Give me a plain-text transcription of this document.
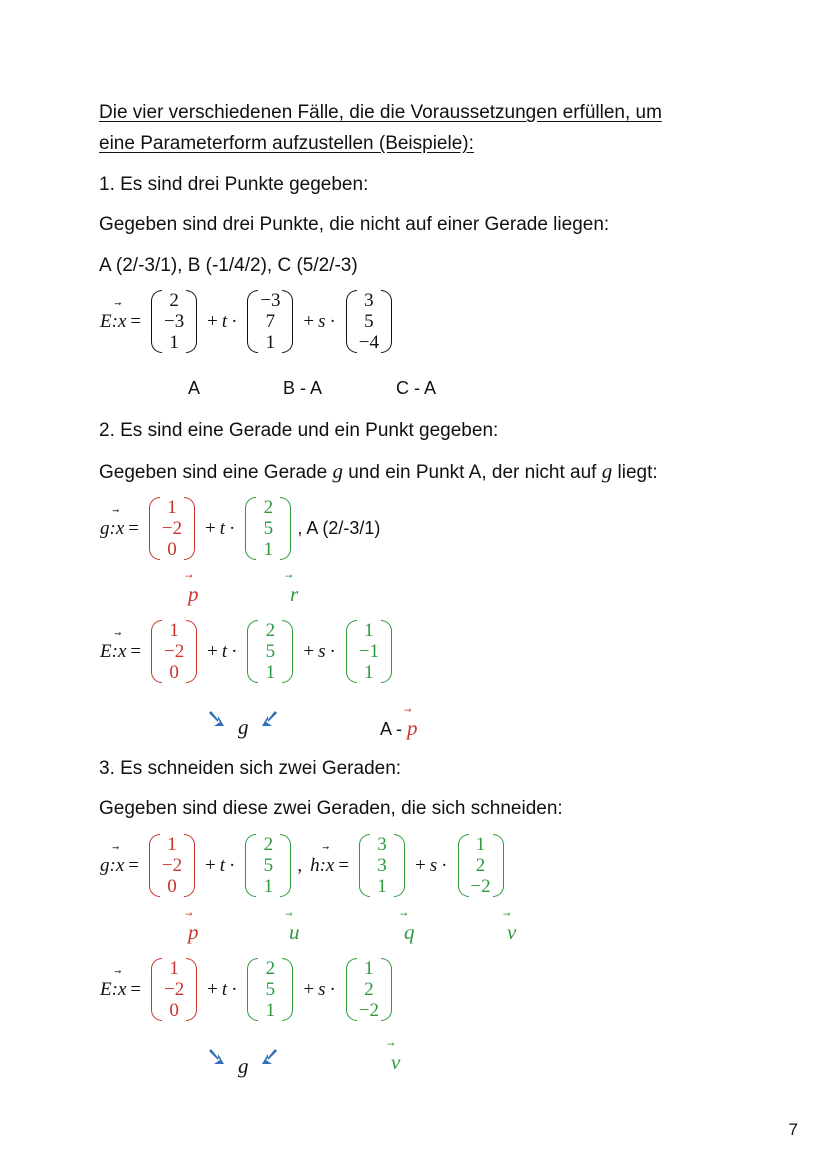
Die vier verschiedenen Fälle, die die Voraussetzungen erfüllen, um
eine Parameterform aufzustellen (Beispiele):
1. Es sind drei Punkte gegeben:
Gegeben sind drei Punkte, die nicht auf einer Gerade liegen:
A (2/-3/1), B (-1/4/2), C (5/2/-3)
E: x =
2
−3
1
+ t ·
−3
7
1
+ s ·
3
5
−4
A	B - A	C - A
2. Es sind eine Gerade und ein Punkt gegeben:
Gegeben sind eine Gerade g und ein Punkt A, der nicht auf g liegt:
g: x =
1
−2
0
+ t ·
2
5
1
, A (2/-3/1)
p	r
E: x =
1
−2
0
+ t ·
2
5
1
+ s ·
1
−1
1
g	A - p
3. Es schneiden sich zwei Geraden:
Gegeben sind diese zwei Geraden, die sich schneiden:
g: x =
1
−2
0
+ t ·
2
5
1
, h: x =
3
3
1
+ s ·
1
2
−2
p	u	q	v
E: x =
1
−2
0
+ t ·
2
5
1
+ s ·
1
2
−2
g	v
7
